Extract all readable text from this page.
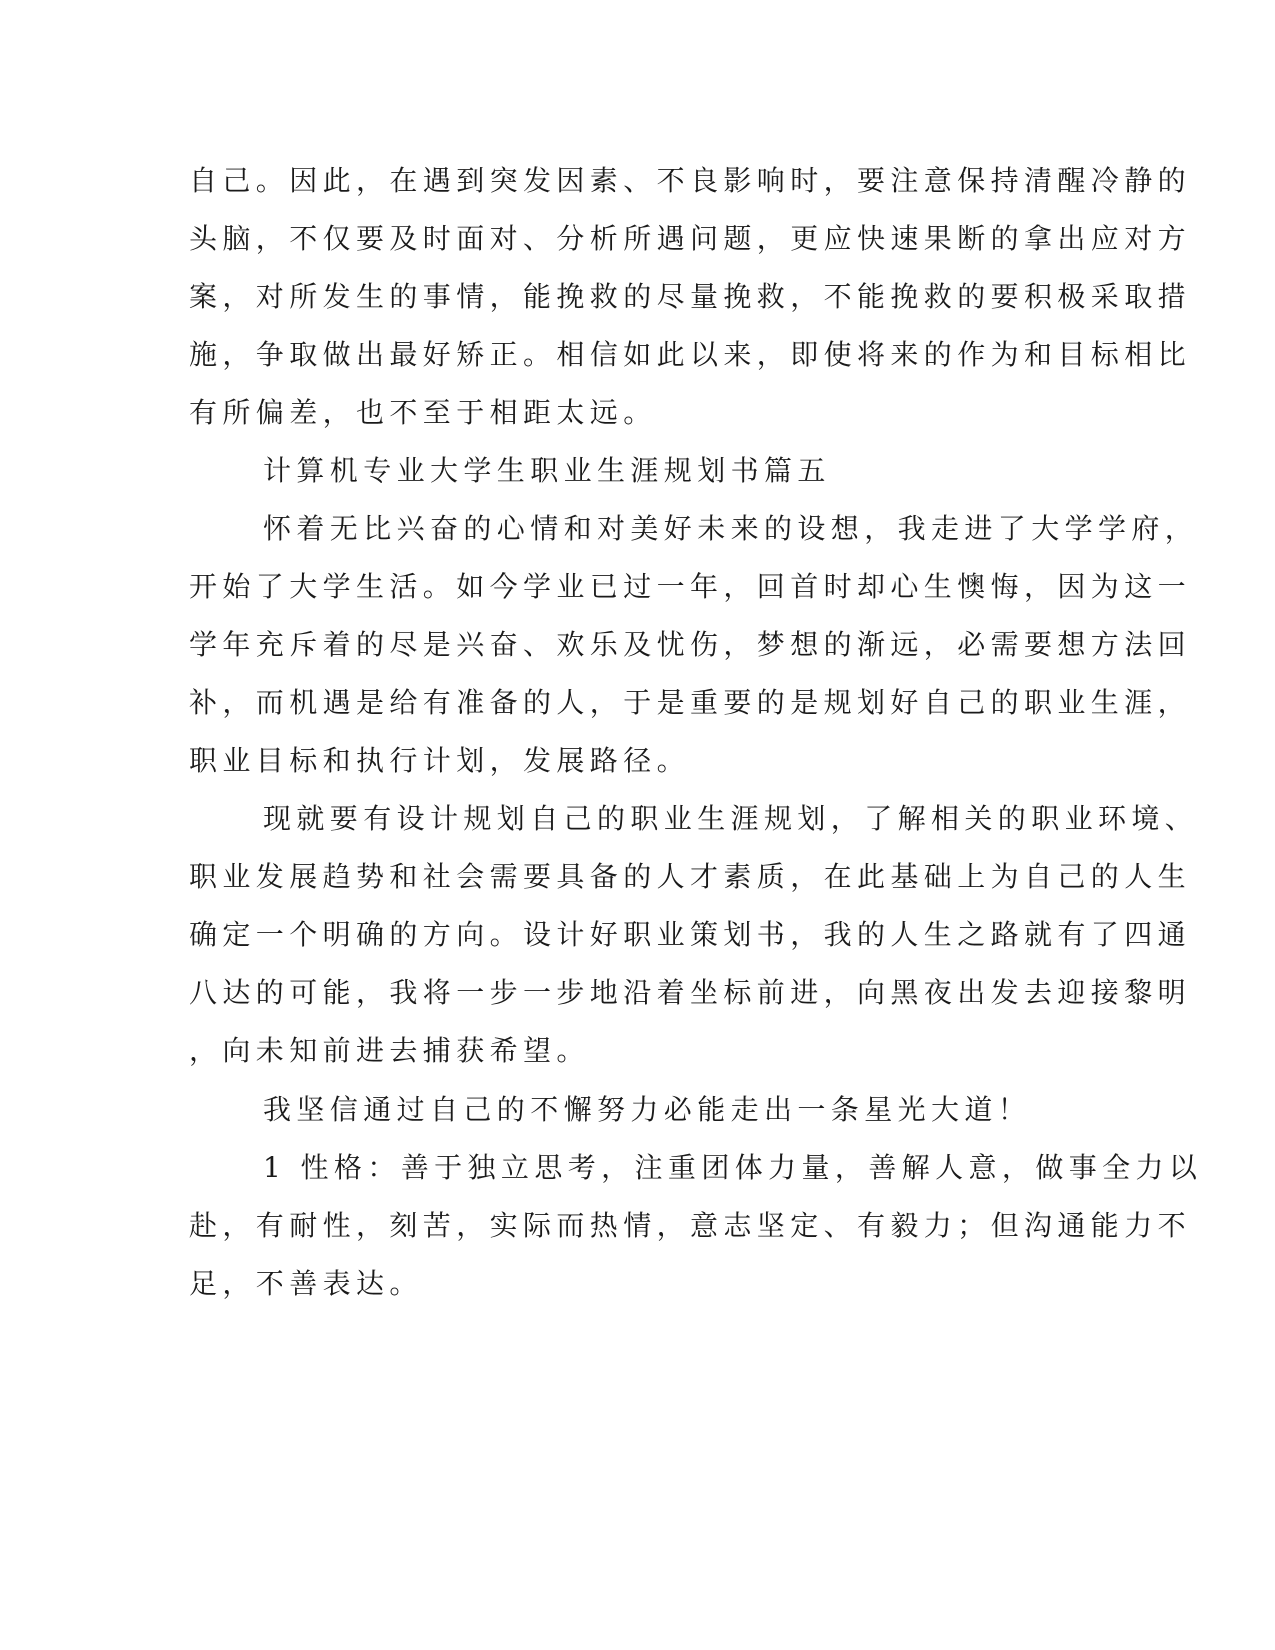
自己。因此，在遇到突发因素、不良影响时，要注意保持清醒冷静的
头脑，不仅要及时面对、分析所遇问题，更应快速果断的拿出应对方
案，对所发生的事情，能挽救的尽量挽救，不能挽救的要积极采取措
施，争取做出最好矫正。相信如此以来，即使将来的作为和目标相比
有所偏差，也不至于相距太远。
计算机专业大学生职业生涯规划书篇五
怀着无比兴奋的心情和对美好未来的设想，我走进了大学学府，
开始了大学生活。如今学业已过一年，回首时却心生懊悔，因为这一
学年充斥着的尽是兴奋、欢乐及忧伤，梦想的渐远，必需要想方法回
补，而机遇是给有准备的人，于是重要的是规划好自己的职业生涯，
职业目标和执行计划，发展路径。
现就要有设计规划自己的职业生涯规划，了解相关的职业环境、
职业发展趋势和社会需要具备的人才素质，在此基础上为自己的人生
确定一个明确的方向。设计好职业策划书，我的人生之路就有了四通
八达的可能，我将一步一步地沿着坐标前进，向黑夜出发去迎接黎明
，向未知前进去捕获希望。
我坚信通过自己的不懈努力必能走出一条星光大道！
1 性格：善于独立思考，注重团体力量，善解人意，做事全力以
赴，有耐性，刻苦，实际而热情，意志坚定、有毅力；但沟通能力不
足，不善表达。
